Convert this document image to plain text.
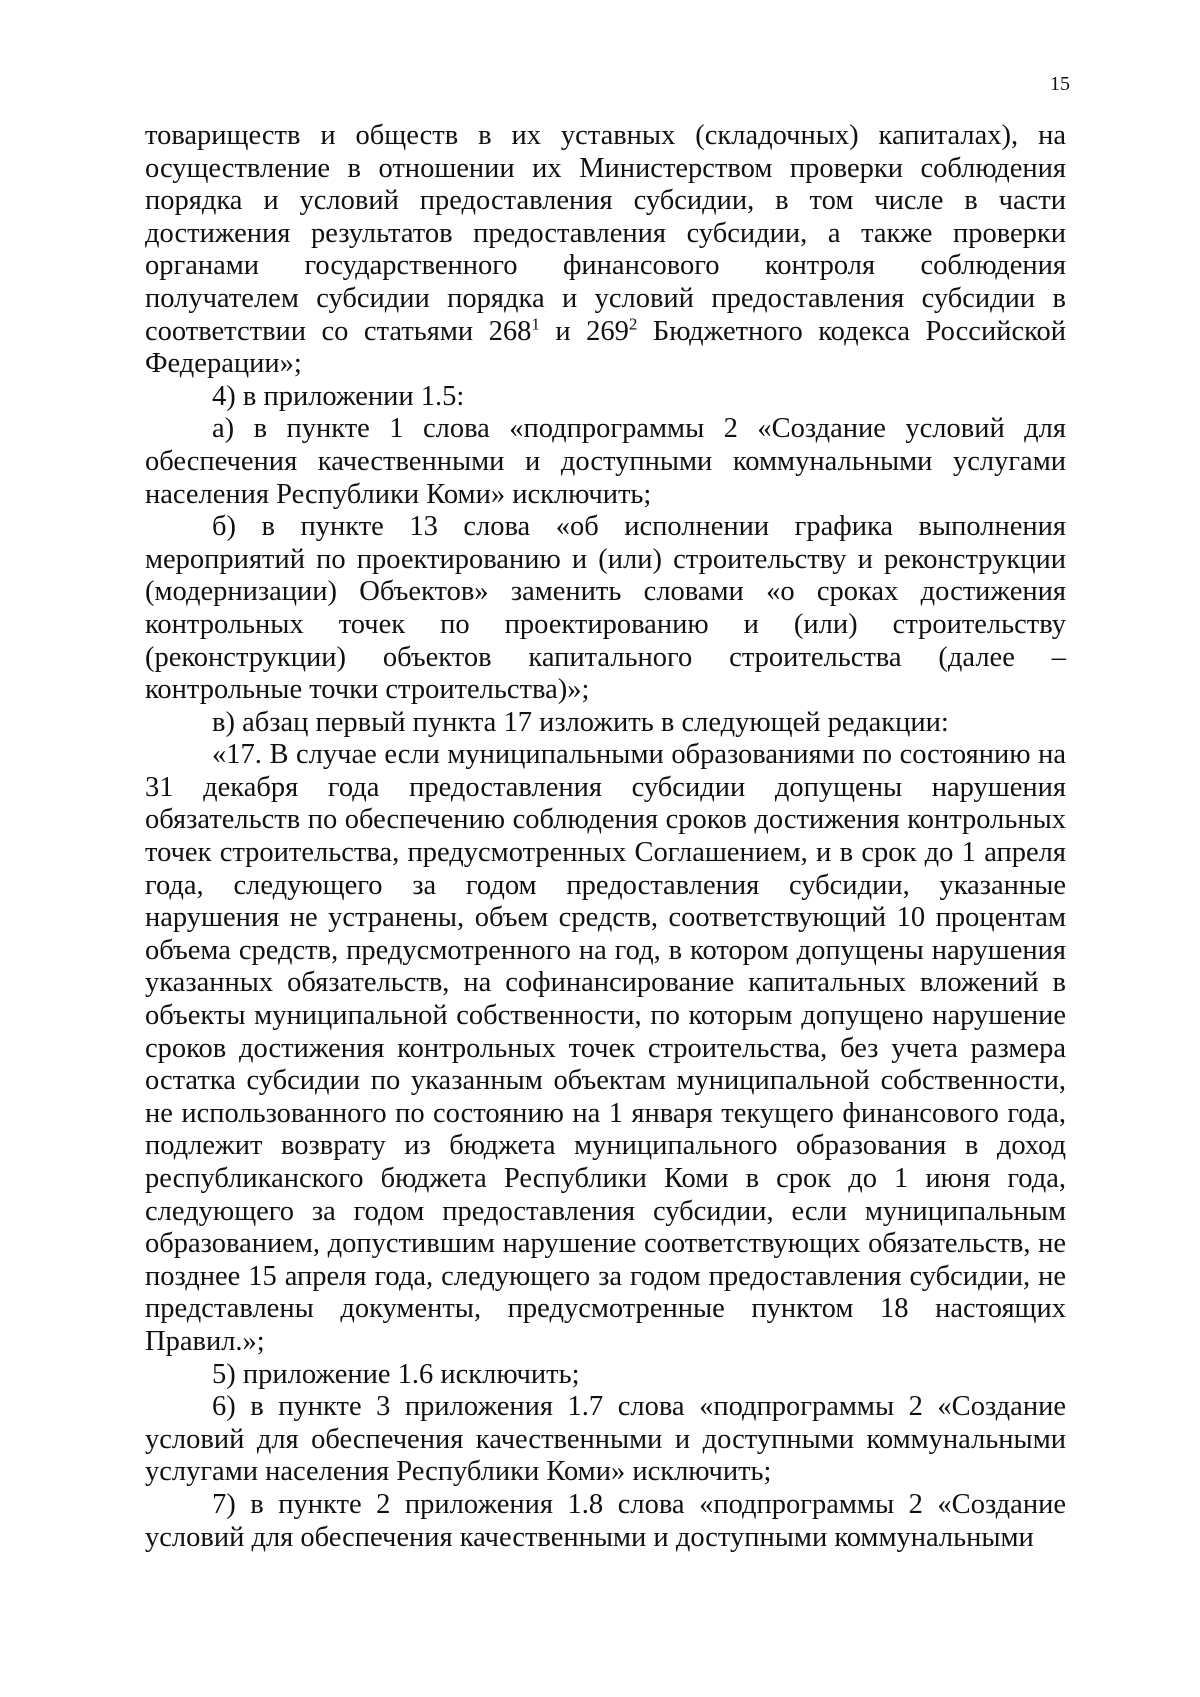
15

товариществ и обществ в их уставных (складочных) капиталах), на осуществление в отношении их Министерством проверки соблюдения порядка и условий предоставления субсидии, в том числе в части достижения результатов предоставления субсидии, а также проверки органами государственного финансового контроля соблюдения получателем субсидии порядка и условий предоставления субсидии в соответствии со статьями $268^1$ и $269^2$ Бюджетного кодекса Российской Федерации»;

4) в приложении 1.5:

а) в пункте 1 слова «подпрограммы 2 «Создание условий для обеспечения качественными и доступными коммунальными услугами населения Республики Коми» исключить;

б) в пункте 13 слова «об исполнении графика выполнения мероприятий по проектированию и (или) строительству и реконструкции (модернизации) Объектов» заменить словами «о сроках достижения контрольных точек по проектированию и (или) строительству (реконструкции) объектов капитального строительства (далее – контрольные точки строительства)»;

в) абзац первый пункта 17 изложить в следующей редакции:

«17. В случае если муниципальными образованиями по состоянию на 31 декабря года предоставления субсидии допущены нарушения обязательств по обеспечению соблюдения сроков достижения контрольных точек строительства, предусмотренных Соглашением, и в срок до 1 апреля года, следующего за годом предоставления субсидии, указанные нарушения не устранены, объем средств, соответствующий 10 процентам объема средств, предусмотренного на год, в котором допущены нарушения указанных обязательств, на софинансирование капитальных вложений в объекты муниципальной собственности, по которым допущено нарушение сроков достижения контрольных точек строительства, без учета размера остатка субсидии по указанным объектам муниципальной собственности, не использованного по состоянию на 1 января текущего финансового года, подлежит возврату из бюджета муниципального образования в доход республиканского бюджета Республики Коми в срок до 1 июня года, следующего за годом предоставления субсидии, если муниципальным образованием, допустившим нарушение соответствующих обязательств, не позднее 15 апреля года, следующего за годом предоставления субсидии, не представлены документы, предусмотренные пунктом 18 настоящих Правил.»;

5) приложение 1.6 исключить;

6) в пункте 3 приложения 1.7 слова «подпрограммы 2 «Создание условий для обеспечения качественными и доступными коммунальными услугами населения Республики Коми» исключить;

7) в пункте 2 приложения 1.8 слова «подпрограммы 2 «Создание условий для обеспечения качественными и доступными коммунальными
